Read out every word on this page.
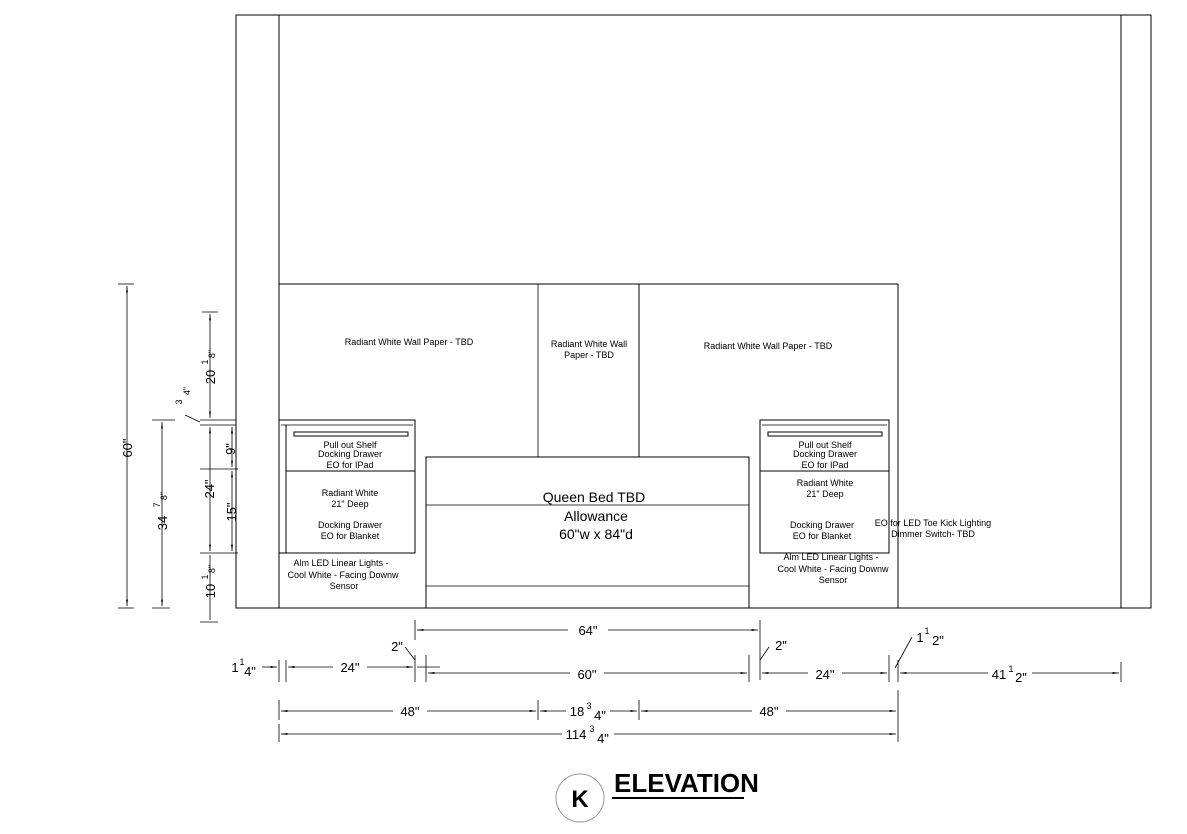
Radiant White Wall Paper - TBD	Radiant White Wall
Paper - TBD
Radiant White Wall Paper - TBD
Pull out Shelf
Docking Drawer
EO for IPad
Radiant White
21" Deep
Docking Drawer
EO for Blanket
Alm LED Linear Lights -
Cool White - Facing Downw
Sensor
Pull out Shelf
Docking Drawer
EO for IPad
Radiant White
21" Deep
Docking Drawer
EO for Blanket
Alm LED Linear Lights -
Cool White - Facing Downw
Sensor
EO for LED Toe Kick Lighting
Dimmer Switch- TBD
Queen Bed TBD
Allowance
60"w x 84"d
60"
34
7
8"
20
1
8"
3
4"
9"
24"
15"
10
1
8"
64"
2"	2"
1 1
4"	24"	60"	24"
1 1
2"
41 1
2"
48"	18 3
4"	48"
114 3
4"
K
ELEVATION
